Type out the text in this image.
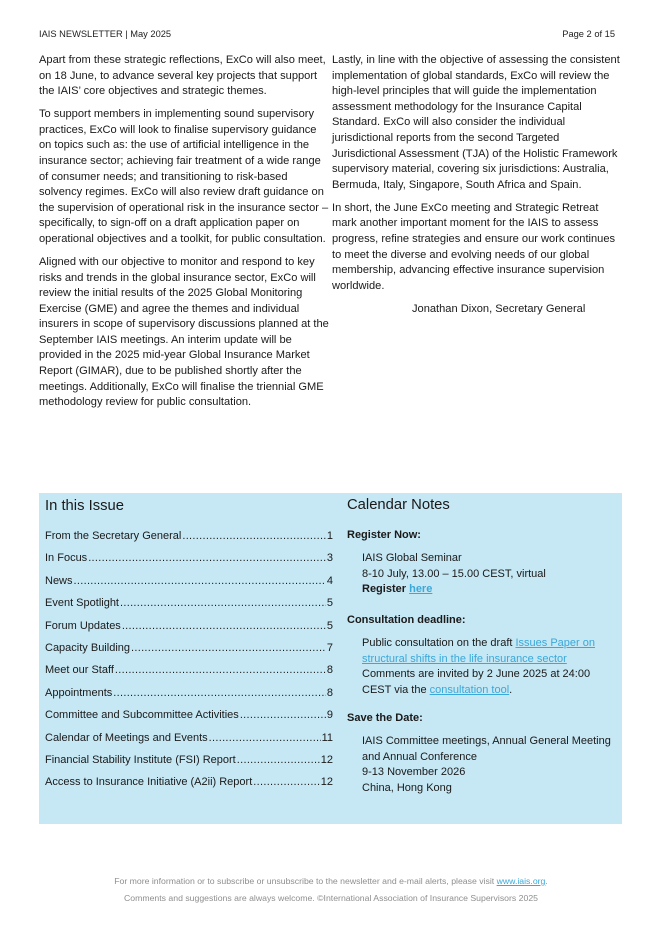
IAIS NEWSLETTER | May 2025	Page 2 of 15

Apart from these strategic reflections, ExCo will also meet, on 18 June, to advance several key projects that support the IAIS’ core objectives and strategic themes.

To support members in implementing sound supervisory practices, ExCo will look to finalise supervisory guidance on topics such as: the use of artificial intelligence in the insurance sector; achieving fair treatment of a wide range of consumer needs; and transitioning to risk-based solvency regimes. ExCo will also review draft guidance on the supervision of operational risk in the insurance sector – specifically, to sign-off on a draft application paper on operational objectives and a toolkit, for public consultation.

Aligned with our objective to monitor and respond to key risks and trends in the global insurance sector, ExCo will review the initial results of the 2025 Global Monitoring Exercise (GME) and agree the themes and individual insurers in scope of supervisory discussions planned at the September IAIS meetings. An interim update will be provided in the 2025 mid-year Global Insurance Market Report (GIMAR), due to be published shortly after the meetings. Additionally, ExCo will finalise the triennial GME methodology review for public consultation.

Lastly, in line with the objective of assessing the consistent implementation of global standards, ExCo will review the high-level principles that will guide the implementation assessment methodology for the Insurance Capital Standard. ExCo will also consider the individual jurisdictional reports from the second Targeted Jurisdictional Assessment (TJA) of the Holistic Framework supervisory material, covering six jurisdictions: Australia, Bermuda, Italy, Singapore, South Africa and Spain.

In short, the June ExCo meeting and Strategic Retreat mark another important moment for the IAIS to assess progress, refine strategies and ensure our work continues to meet the diverse and evolving needs of our global membership, advancing effective insurance supervision worldwide.

Jonathan Dixon, Secretary General

In this Issue
From the Secretary General .....	1
In Focus .....	3
News .....	4
Event Spotlight .....	5
Forum Updates .....	5
Capacity Building .....	7
Meet our Staff .....	8
Appointments .....	8
Committee and Subcommittee Activities .....	9
Calendar of Meetings and Events .....	11
Financial Stability Institute (FSI) Report .....	12
Access to Insurance Initiative (A2ii) Report .....	12
Calendar Notes
Register Now:
IAIS Global Seminar
8-10 July, 13.00 – 15.00 CEST, virtual
Register here
Consultation deadline:
Public consultation on the draft Issues Paper on structural shifts in the life insurance sector
Comments are invited by 2 June 2025 at 24:00 CEST via the consultation tool.
Save the Date:
IAIS Committee meetings, Annual General Meeting and Annual Conference
9-13 November 2026
China, Hong Kong
For more information or to subscribe or unsubscribe to the newsletter and e-mail alerts, please visit www.iais.org.
Comments and suggestions are always welcome. ©International Association of Insurance Supervisors 2025
